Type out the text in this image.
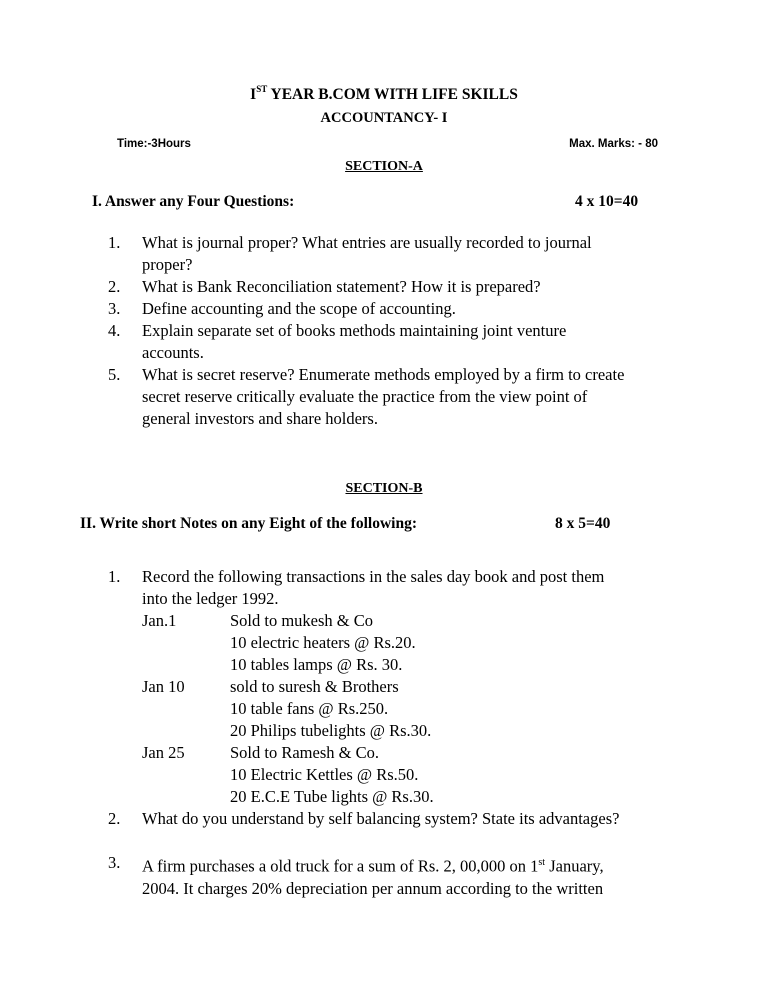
IST YEAR B.COM WITH LIFE SKILLS
ACCOUNTANCY- I
Time:-3Hours	Max. Marks: - 80
SECTION-A
I. Answer any Four Questions:	4 x 10=40
1. What is journal proper? What entries are usually recorded to journal
proper?
2. What is Bank Reconciliation statement? How it is prepared?
3. Define accounting and the scope of accounting.
4. Explain separate set of books methods maintaining joint venture
accounts.
5. What is secret reserve? Enumerate methods employed by a firm to create
secret reserve critically evaluate the practice from the view point of
general investors and share holders.
SECTION-B
II. Write short Notes on any Eight of the following:	8 x 5=40
1. Record the following transactions in the sales day book and post them
into the ledger 1992.
Jan.1	Sold to mukesh & Co
10 electric heaters @ Rs.20.
10 tables lamps @ Rs. 30.
Jan 10	sold to suresh & Brothers
10 table fans @ Rs.250.
20 Philips tubelights @ Rs.30.
Jan 25	Sold to Ramesh & Co.
10 Electric Kettles @ Rs.50.
20 E.C.E Tube lights @ Rs.30.
2. What do you understand by self balancing system? State its advantages?
3. A firm purchases a old truck for a sum of Rs. 2, 00,000 on 1st January,
2004. It charges 20% depreciation per annum according to the written
